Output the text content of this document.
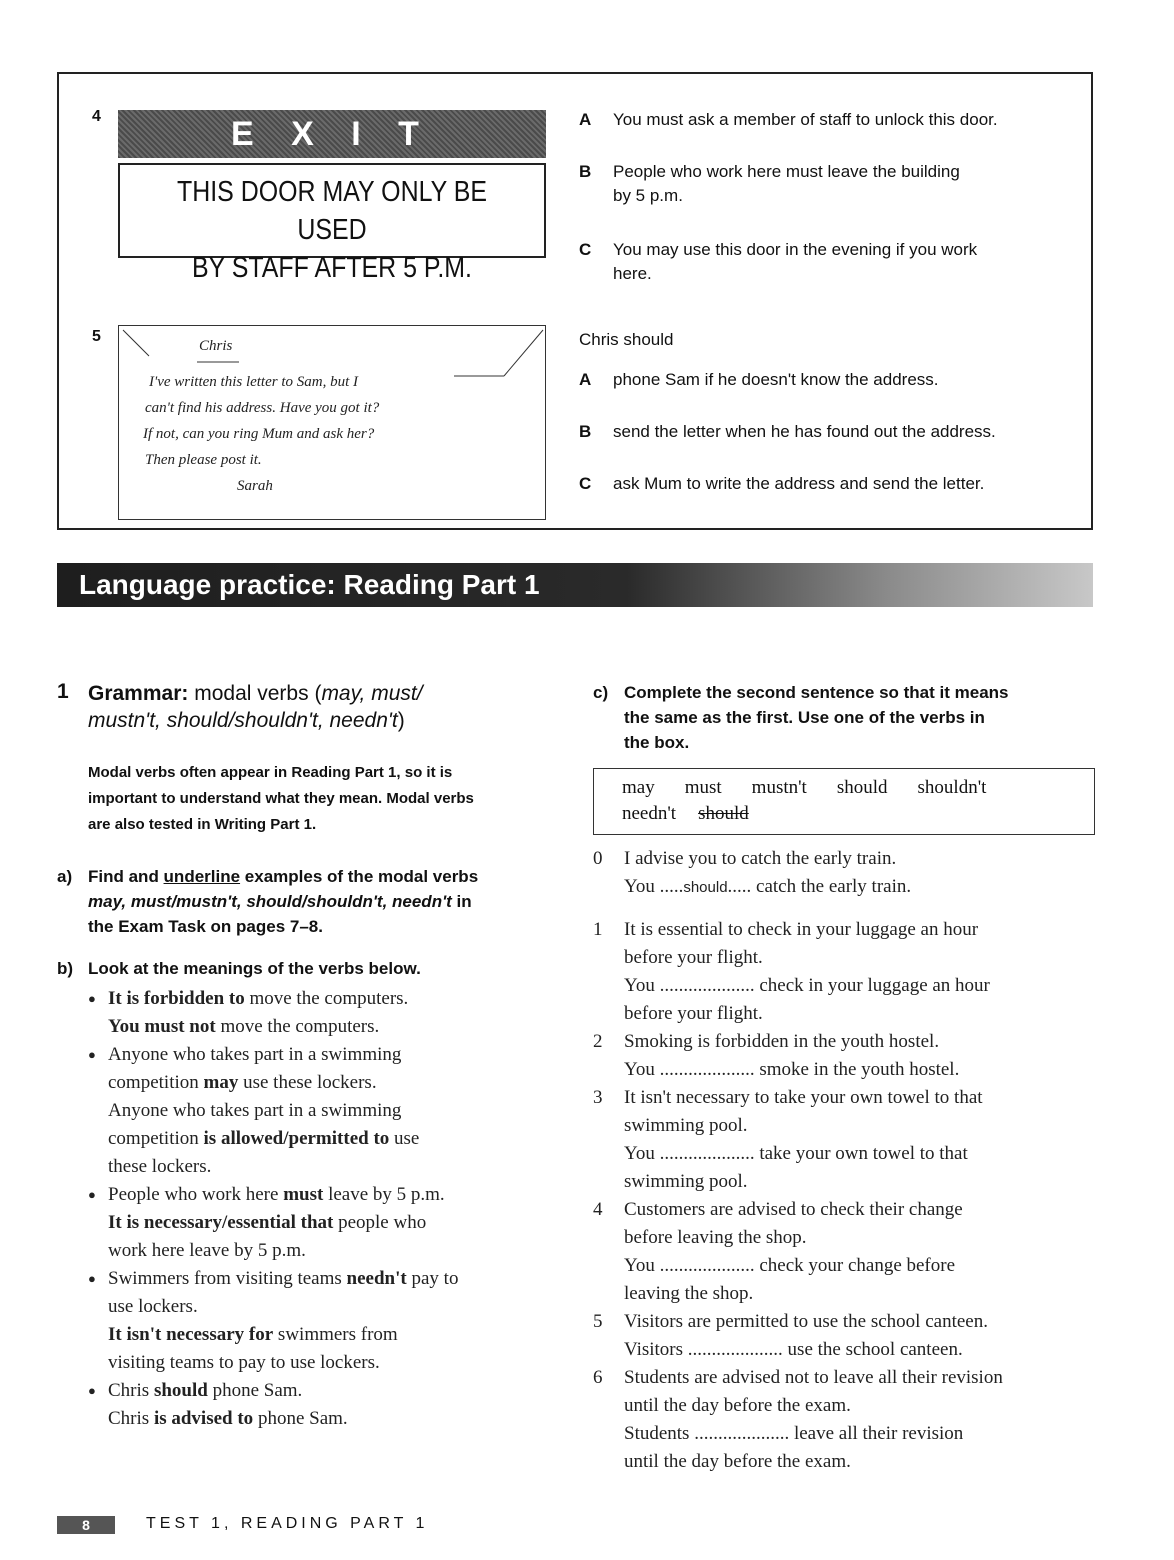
4	E X I T
THIS DOOR MAY ONLY BE USED
BY STAFF AFTER 5 P.M.
A You must ask a member of staff to unlock this door.
B People who work here must leave the building
by 5 p.m.
C You may use this door in the evening if you work
here.
5
Chris
I've written this letter to Sam, but I
can't find his address. Have you got it?
If not, can you ring Mum and ask her?
Then please post it.
Sarah
Chris should
A phone Sam if he doesn't know the address.
B send the letter when he has found out the address.
C ask Mum to write the address and send the letter.
Language practice: Reading Part 1
1 Grammar: modal verbs (may, must/
mustn't, should/shouldn't, needn't)
Modal verbs often appear in Reading Part 1, so it is
important to understand what they mean. Modal verbs
are also tested in Writing Part 1.
a) Find and underline examples of the modal verbs
may, must/mustn't, should/shouldn't, needn't in
the Exam Task on pages 7–8.
b) Look at the meanings of the verbs below.
● It is forbidden to move the computers.
You must not move the computers.
● Anyone who takes part in a swimming
competition may use these lockers.
Anyone who takes part in a swimming
competition is allowed/permitted to use
these lockers.
● People who work here must leave by 5 p.m.
It is necessary/essential that people who
work here leave by 5 p.m.
● Swimmers from visiting teams needn't pay to
use lockers.
It isn't necessary for swimmers from
visiting teams to pay to use lockers.
● Chris should phone Sam.
Chris is advised to phone Sam.
c) Complete the second sentence so that it means
the same as the first. Use one of the verbs in
the box.
may must mustn't should shouldn't
needn't should
0 I advise you to catch the early train.
You .....should..... catch the early train.
1 It is essential to check in your luggage an hour
before your flight.
You .................... check in your luggage an hour
before your flight.
2 Smoking is forbidden in the youth hostel.
You .................... smoke in the youth hostel.
3 It isn't necessary to take your own towel to that
swimming pool.
You .................... take your own towel to that
swimming pool.
4 Customers are advised to check their change
before leaving the shop.
You .................... check your change before
leaving the shop.
5 Visitors are permitted to use the school canteen.
Visitors .................... use the school canteen.
6 Students are advised not to leave all their revision
until the day before the exam.
Students .................... leave all their revision
until the day before the exam.
8	TEST 1, READING PART 1
